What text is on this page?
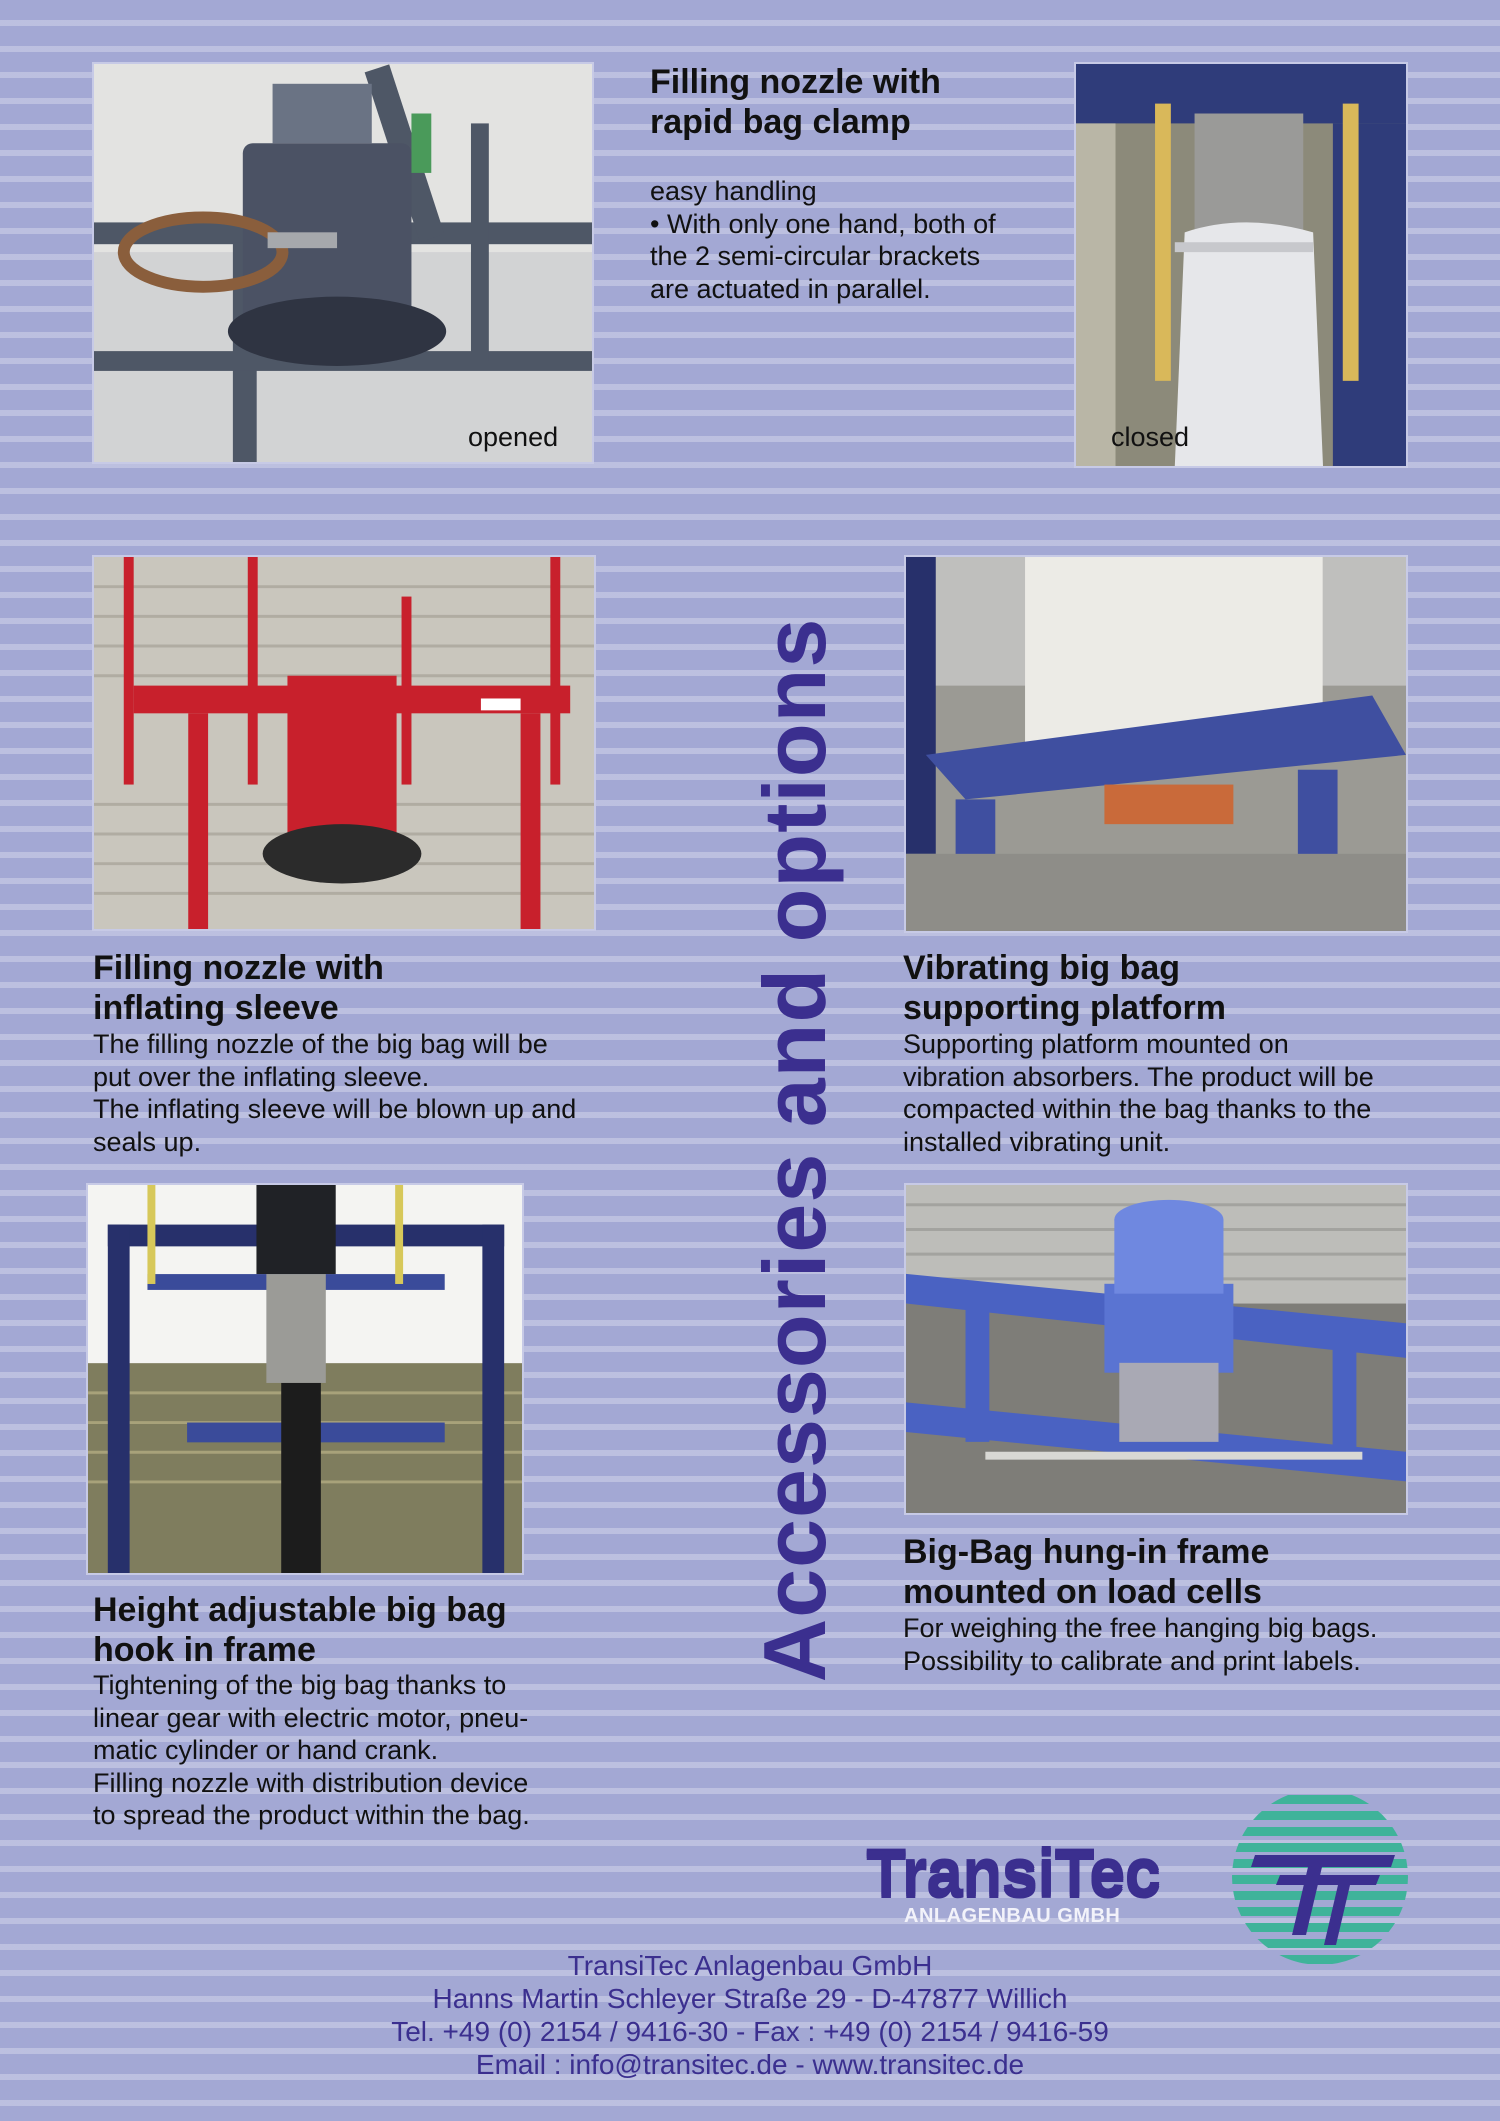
opened
Filling nozzle with
rapid bag clamp
easy handling
• With only one hand, both of
the 2 semi-circular brackets
are actuated in parallel.
closed
Accessories and options
Filling nozzle with
inflating sleeve
The filling nozzle of the big bag will be
put over the inflating sleeve.
The inflating sleeve will be blown up and
seals up.
Vibrating big bag
supporting platform
Supporting platform mounted on
vibration absorbers. The product will be
compacted within the bag thanks to the
installed vibrating unit.
Big-Bag hung-in frame
mounted on load cells
For weighing the free hanging big bags.
Possibility to calibrate and print labels.
Height adjustable big bag
hook in frame
Tightening of the big bag thanks to
linear gear with electric motor, pneu-
matic cylinder or hand crank.
Filling nozzle with distribution device
to spread the product within the bag.
TransiTec
ANLAGENBAU GMBH
TransiTec Anlagenbau GmbH
Hanns Martin Schleyer Straße 29 - D-47877 Willich
Tel. +49 (0) 2154 / 9416-30 - Fax : +49 (0) 2154 / 9416-59
Email : info@transitec.de - www.transitec.de
